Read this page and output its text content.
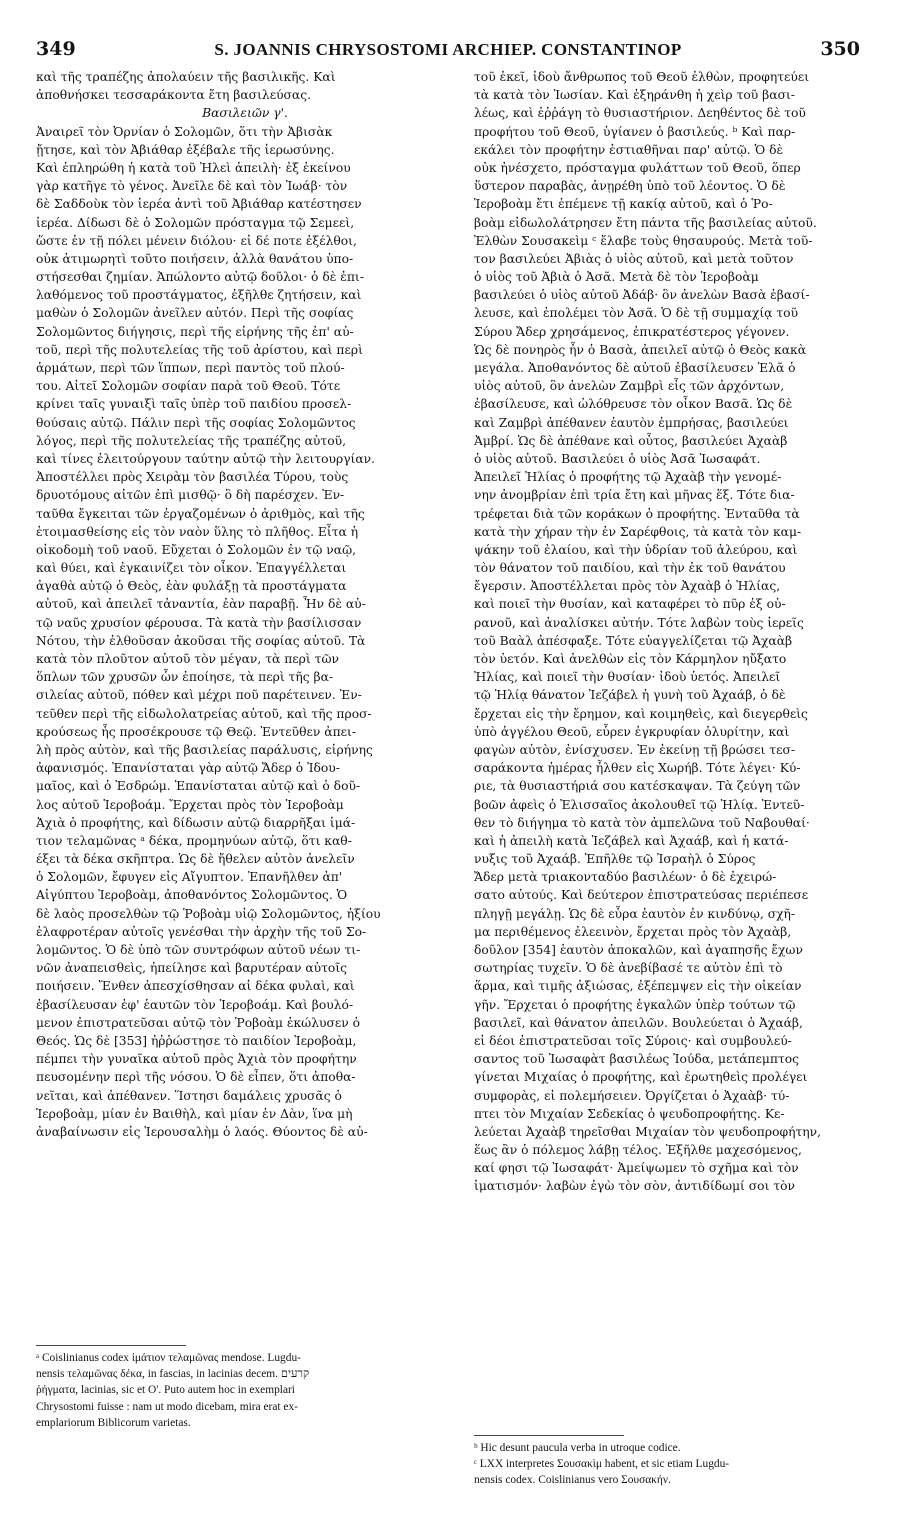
349	S. JOANNIS CHRYSOSTOMI ARCHIEP. CONSTANTINOP	350
καὶ τῆς τραπέζης ἀπολαύειν τῆς βασιλικῆς. Καὶ
ἀποθνήσκει τεσσαράκοντα ἔτη βασιλεύσας.
Βασιλειῶν γ'.
Ἀναιρεῖ τὸν Ὀρνίαν ὁ Σολομῶν, ὅτι τὴν Ἀβισὰκ
ᾔτησε, καὶ τὸν Ἀβιάθαρ ἐξέβαλε τῆς ἱερωσύνης.
Καὶ ἐπληρώθη ἡ κατὰ τοῦ Ἠλεὶ ἀπειλὴ· ἐξ ἐκείνου
γὰρ κατῆγε τὸ γένος. Ἀνεῖλε δὲ καὶ τὸν Ἰωάβ· τὸν
δὲ Σαδδοὺκ τὸν ἱερέα ἀντὶ τοῦ Ἀβιάθαρ κατέστησεν
ἱερέα. Δίδωσι δὲ ὁ Σολομῶν πρόσταγμα τῷ Σεμεεὶ,
ὥστε ἐν τῇ πόλει μένειν διόλου· εἰ δέ ποτε ἐξέλθοι,
οὐκ ἀτιμωρητὶ τοῦτο ποιήσειν, ἀλλὰ θανάτου ὑπο-
στήσεσθαι ζημίαν. Ἀπώλοντο αὐτῷ δοῦλοι· ὁ δὲ ἐπι-
λαθόμενος τοῦ προστάγματος, ἐξῆλθε ζητήσειν, καὶ
μαθὼν ὁ Σολομῶν ἀνεῖλεν αὐτόν. Περὶ τῆς σοφίας
Σολομῶντος διήγησις, περὶ τῆς εἰρήνης τῆς ἐπ' αὐ-
τοῦ, περὶ τῆς πολυτελείας τῆς τοῦ ἀρίστου, καὶ περὶ
ἁρμάτων, περὶ τῶν ἵππων, περὶ παντὸς τοῦ πλού-
του. Αἰτεῖ Σολομῶν σοφίαν παρὰ τοῦ Θεοῦ. Τότε
κρίνει ταῖς γυναιξὶ ταῖς ὑπὲρ τοῦ παιδίου προσελ-
θούσαις αὐτῷ. Πάλιν περὶ τῆς σοφίας Σολομῶντος
λόγος, περὶ τῆς πολυτελείας τῆς τραπέζης αὐτοῦ,
καὶ τίνες ἐλειτούργουν ταύτην αὐτῷ τὴν λειτουργίαν.
Ἀποστέλλει πρὸς Χειρὰμ τὸν βασιλέα Τύρου, τοὺς
δρυοτόμους αἰτῶν ἐπὶ μισθῷ· ὃ δὴ παρέσχεν. Ἐν-
ταῦθα ἔγκειται τῶν ἐργαζομένων ὁ ἀριθμὸς, καὶ τῆς
ἑτοιμασθείσης εἰς τὸν ναὸν ὕλης τὸ πλῆθος. Εἶτα ἡ
οἰκοδομὴ τοῦ ναοῦ. Εὔχεται ὁ Σολομῶν ἐν τῷ ναῷ,
καὶ θύει, καὶ ἐγκαινίζει τὸν οἶκον. Ἐπαγγέλλεται
ἀγαθὰ αὐτῷ ὁ Θεὸς, ἐὰν φυλάξῃ τὰ προστάγματα
αὐτοῦ, καὶ ἀπειλεῖ τἀναντία, ἐὰν παραβῇ. Ἦν δὲ αὐ-
τῷ ναῦς χρυσίον φέρουσα. Τὰ κατὰ τὴν βασίλισσαν
Νότου, τὴν ἐλθοῦσαν ἀκοῦσαι τῆς σοφίας αὐτοῦ. Τὰ
κατὰ τὸν πλοῦτον αὐτοῦ τὸν μέγαν, τὰ περὶ τῶν
ὅπλων τῶν χρυσῶν ὧν ἐποίησε, τὰ περὶ τῆς βα-
σιλείας αὐτοῦ, πόθεν καὶ μέχρι ποῦ παρέτεινεν. Ἐν-
τεῦθεν περὶ τῆς εἰδωλολατρείας αὐτοῦ, καὶ τῆς προσ-
κρούσεως ἧς προσέκρουσε τῷ Θεῷ. Ἐντεῦθεν ἀπει-
λὴ πρὸς αὐτὸν, καὶ τῆς βασιλείας παράλυσις, εἰρήνης
ἀφανισμός. Ἐπανίσταται γὰρ αὐτῷ Ἄδερ ὁ Ἰδου-
μαῖος, καὶ ὁ Ἐσδρώμ. Ἐπανίσταται αὐτῷ καὶ ὁ δοῦ-
λος αὐτοῦ Ἱεροβοάμ. Ἔρχεται πρὸς τὸν Ἱεροβοὰμ
Ἀχιὰ ὁ προφήτης, καὶ δίδωσιν αὐτῷ διαρρῆξαι ἱμά-
τιον τελαμῶνας ᵃ δέκα, προμηνύων αὐτῷ, ὅτι καθ-
έξει τὰ δέκα σκῆπτρα. Ὡς δὲ ἤθελεν αὐτὸν ἀνελεῖν
ὁ Σολομῶν, ἔφυγεν εἰς Αἴγυπτον. Ἐπανῆλθεν ἀπ'
Αἰγύπτου Ἱεροβοὰμ, ἀποθανόντος Σολομῶντος. Ὁ
δὲ λαὸς προσελθὼν τῷ Ῥοβοὰμ υἱῷ Σολομῶντος, ἠξίου
ἐλαφροτέραν αὐτοῖς γενέσθαι τὴν ἀρχὴν τῆς τοῦ Σο-
λομῶντος. Ὁ δὲ ὑπὸ τῶν συντρόφων αὐτοῦ νέων τι-
νῶν ἀναπεισθεὶς, ἠπείλησε καὶ βαρυτέραν αὐτοῖς
ποιήσειν. Ἔνθεν ἀπεσχίσθησαν αἱ δέκα φυλαὶ, καὶ
ἐβασίλευσαν ἐφ' ἑαυτῶν τὸν Ἱεροβοάμ. Καὶ βουλό-
μενον ἐπιστρατεῦσαι αὐτῷ τὸν Ῥοβοὰμ ἐκώλυσεν ὁ
Θεός. Ὡς δὲ [353] ἠῤῥώστησε τὸ παιδίον Ἱεροβοὰμ,
πέμπει τὴν γυναῖκα αὐτοῦ πρὸς Ἀχιὰ τὸν προφήτην
πευσομένην περὶ τῆς νόσου. Ὁ δὲ εἶπεν, ὅτι ἀποθα-
νεῖται, καὶ ἀπέθανεν. Ἵστησι δαμάλεις χρυσᾶς ὁ
Ἱεροβοὰμ, μίαν ἐν Βαιθὴλ, καὶ μίαν ἐν Δὰν, ἵνα μὴ
ἀναβαίνωσιν εἰς Ἱερουσαλὴμ ὁ λαός. Θύοντος δὲ αὐ-
τοῦ ἐκεῖ, ἰδοὺ ἄνθρωπος τοῦ Θεοῦ ἐλθὼν, προφητεύει
τὰ κατὰ τὸν Ἰωσίαν. Καὶ ἐξηράνθη ἡ χεὶρ τοῦ βασι-
λέως, καὶ ἐῤῥάγη τὸ θυσιαστήριον. Δεηθέντος δὲ τοῦ
προφήτου τοῦ Θεοῦ, ὑγίανεν ὁ βασιλεύς. ᵇ Καὶ παρ-
εκάλει τὸν προφήτην ἑστιαθῆναι παρ' αὐτῷ. Ὁ δὲ
οὐκ ἠνέσχετο, πρόσταγμα φυλάττων τοῦ Θεοῦ, ὅπερ
ὕστερον παραβὰς, ἀνῃρέθη ὑπὸ τοῦ λέοντος. Ὁ δὲ
Ἱεροβοὰμ ἔτι ἐπέμενε τῇ κακίᾳ αὐτοῦ, καὶ ὁ Ῥο-
βοὰμ εἰδωλολάτρησεν ἔτη πάντα τῆς βασιλείας αὐτοῦ.
Ἐλθὼν Σουσακεὶμ ᶜ ἔλαβε τοὺς θησαυρούς. Μετὰ τοῦ-
τον βασιλεύει Ἀβιὰς ὁ υἱὸς αὐτοῦ, καὶ μετὰ τοῦτον
ὁ υἱὸς τοῦ Ἀβιὰ ὁ Ἀσᾶ. Μετὰ δὲ τὸν Ἱεροβοὰμ
βασιλεύει ὁ υἱὸς αὐτοῦ Ἀδάβ· ὃν ἀνελὼν Βασὰ ἐβασί-
λευσε, καὶ ἐπολέμει τὸν Ἀσᾶ. Ὁ δὲ τῇ συμμαχίᾳ τοῦ
Σύρου Ἄδερ χρησάμενος, ἐπικρατέστερος γέγονεν.
Ὡς δὲ πονηρὸς ἦν ὁ Βασὰ, ἀπειλεῖ αὐτῷ ὁ Θεὸς κακὰ
μεγάλα. Ἀποθανόντος δὲ αὐτοῦ ἐβασίλευσεν Ἐλᾶ ὁ
υἱὸς αὐτοῦ, ὃν ἀνελὼν Ζαμβρὶ εἷς τῶν ἀρχόντων,
ἐβασίλευσε, καὶ ὠλόθρευσε τὸν οἶκον Βασᾶ. Ὡς δὲ
καὶ Ζαμβρὶ ἀπέθανεν ἑαυτὸν ἐμπρήσας, βασιλεύει
Ἀμβρί. Ὡς δὲ ἀπέθανε καὶ οὗτος, βασιλεύει Ἀχαὰβ
ὁ υἱὸς αὐτοῦ. Βασιλεύει ὁ υἱὸς Ἀσᾶ Ἰωσαφάτ.
Ἀπειλεῖ Ἠλίας ὁ προφήτης τῷ Ἀχαὰβ τὴν γενομέ-
νην ἀνομβρίαν ἐπὶ τρία ἔτη καὶ μῆνας ἕξ. Τότε δια-
τρέφεται διὰ τῶν κοράκων ὁ προφήτης. Ἐνταῦθα τὰ
κατὰ τὴν χήραν τὴν ἐν Σαρέφθοις, τὰ κατὰ τὸν καμ-
ψάκην τοῦ ἐλαίου, καὶ τὴν ὑδρίαν τοῦ ἀλεύρου, καὶ
τὸν θάνατον τοῦ παιδίου, καὶ τὴν ἐκ τοῦ θανάτου
ἔγερσιν. Ἀποστέλλεται πρὸς τὸν Ἀχαὰβ ὁ Ἠλίας,
καὶ ποιεῖ τὴν θυσίαν, καὶ καταφέρει τὸ πῦρ ἐξ οὐ-
ρανοῦ, καὶ ἀναλίσκει αὐτήν. Τότε λαβὼν τοὺς ἱερεῖς
τοῦ Βαὰλ ἀπέσφαξε. Τότε εὐαγγελίζεται τῷ Ἀχαὰβ
τὸν ὑετόν. Καὶ ἀνελθὼν εἰς τὸν Κάρμηλον ηὔξατο
Ἠλίας, καὶ ποιεῖ τὴν θυσίαν· ἰδοὺ ὑετός. Ἀπειλεῖ
τῷ Ἠλίᾳ θάνατον Ἰεζάβελ ἡ γυνὴ τοῦ Ἀχαάβ, ὁ δὲ
ἔρχεται εἰς τὴν ἔρημον, καὶ κοιμηθεὶς, καὶ διεγερθεὶς
ὑπὸ ἀγγέλου Θεοῦ, εὗρεν ἐγκρυφίαν ὀλυρίτην, καὶ
φαγὼν αὐτὸν, ἐνίσχυσεν. Ἐν ἐκείνῃ τῇ βρώσει τεσ-
σαράκοντα ἡμέρας ἦλθεν εἰς Χωρήβ. Τότε λέγει· Κύ-
ριε, τὰ θυσιαστήριά σου κατέσκαψαν. Τὰ ζεύγη τῶν
βοῶν ἀφεὶς ὁ Ἐλισσαῖος ἀκολουθεῖ τῷ Ἠλίᾳ. Ἐντεῦ-
θεν τὸ διήγημα τὸ κατὰ τὸν ἀμπελῶνα τοῦ Ναβουθαί·
καὶ ἡ ἀπειλὴ κατὰ Ἰεζάβελ καὶ Ἀχαάβ, καὶ ἡ κατά-
νυξις τοῦ Ἀχαάβ. Ἐπῆλθε τῷ Ἰσραὴλ ὁ Σύρος
Ἄδερ μετὰ τριακονταδύο βασιλέων· ὁ δὲ ἐχειρώ-
σατο αὐτούς. Καὶ δεύτερον ἐπιστρατεύσας περιέπεσε
πληγῇ μεγάλῃ. Ὡς δὲ εὗρα ἑαυτὸν ἐν κινδύνῳ, σχῆ-
μα περιθέμενος ἐλεεινὸν, ἔρχεται πρὸς τὸν Ἀχαὰβ,
δοῦλον [354] ἑαυτὸν ἀποκαλῶν, καὶ ἀγαπησῆς ἔχων
σωτηρίας τυχεῖν. Ὁ δὲ ἀνεβίβασέ τε αὐτὸν ἐπὶ τὸ
ἅρμα, καὶ τιμῆς ἀξιώσας, ἐξέπεμψεν εἰς τὴν οἰκείαν
γῆν. Ἔρχεται ὁ προφήτης ἐγκαλῶν ὑπὲρ τούτων τῷ
βασιλεῖ, καὶ θάνατον ἀπειλῶν. Βουλεύεται ὁ Ἀχαάβ,
εἰ δέοι ἐπιστρατεῦσαι τοῖς Σύροις· καὶ συμβουλεύ-
σαντος τοῦ Ἰωσαφὰτ βασιλέως Ἰούδα, μετάπεμπτος
γίνεται Μιχαίας ὁ προφήτης, καὶ ἐρωτηθεὶς προλέγει
συμφορὰς, εἰ πολεμήσειεν. Ὀργίζεται ὁ Ἀχαὰβ· τύ-
πτει τὸν Μιχαίαν Σεδεκίας ὁ ψευδοπροφήτης. Κε-
λεύεται Ἀχαὰβ τηρεῖσθαι Μιχαίαν τὸν ψευδοπροφήτην,
ἕως ἂν ὁ πόλεμος λάβῃ τέλος. Ἐξῆλθε μαχεσόμενος,
καί φησι τῷ Ἰωσαφάτ· Ἀμείψωμεν τὸ σχῆμα καὶ τὸν
ἱματισμόν· λαβὼν ἐγὼ τὸν σὸν, ἀντιδίδωμί σοι τὸν
ᵃ Coislinianus codex ἱμάτιον τελαμῶνας mendose. Lugdu-
nensis τελαμῶνας δέκα, in fascias, in lacinias decem. קרעים
ῥήγματα, lacinias, sic et O'. Puto autem hoc in exemplari
Chrysostomi fuisse : nam ut modo dicebam, mira erat ex-
emplariorum Biblicorum varietas.
ᵇ Hic desunt paucula verba in utroque codice.
ᶜ LXX interpretes Σουσακὶμ habent, et sic etiam Lugdu-
nensis codex. Coislinianus vero Σουσακήν.
